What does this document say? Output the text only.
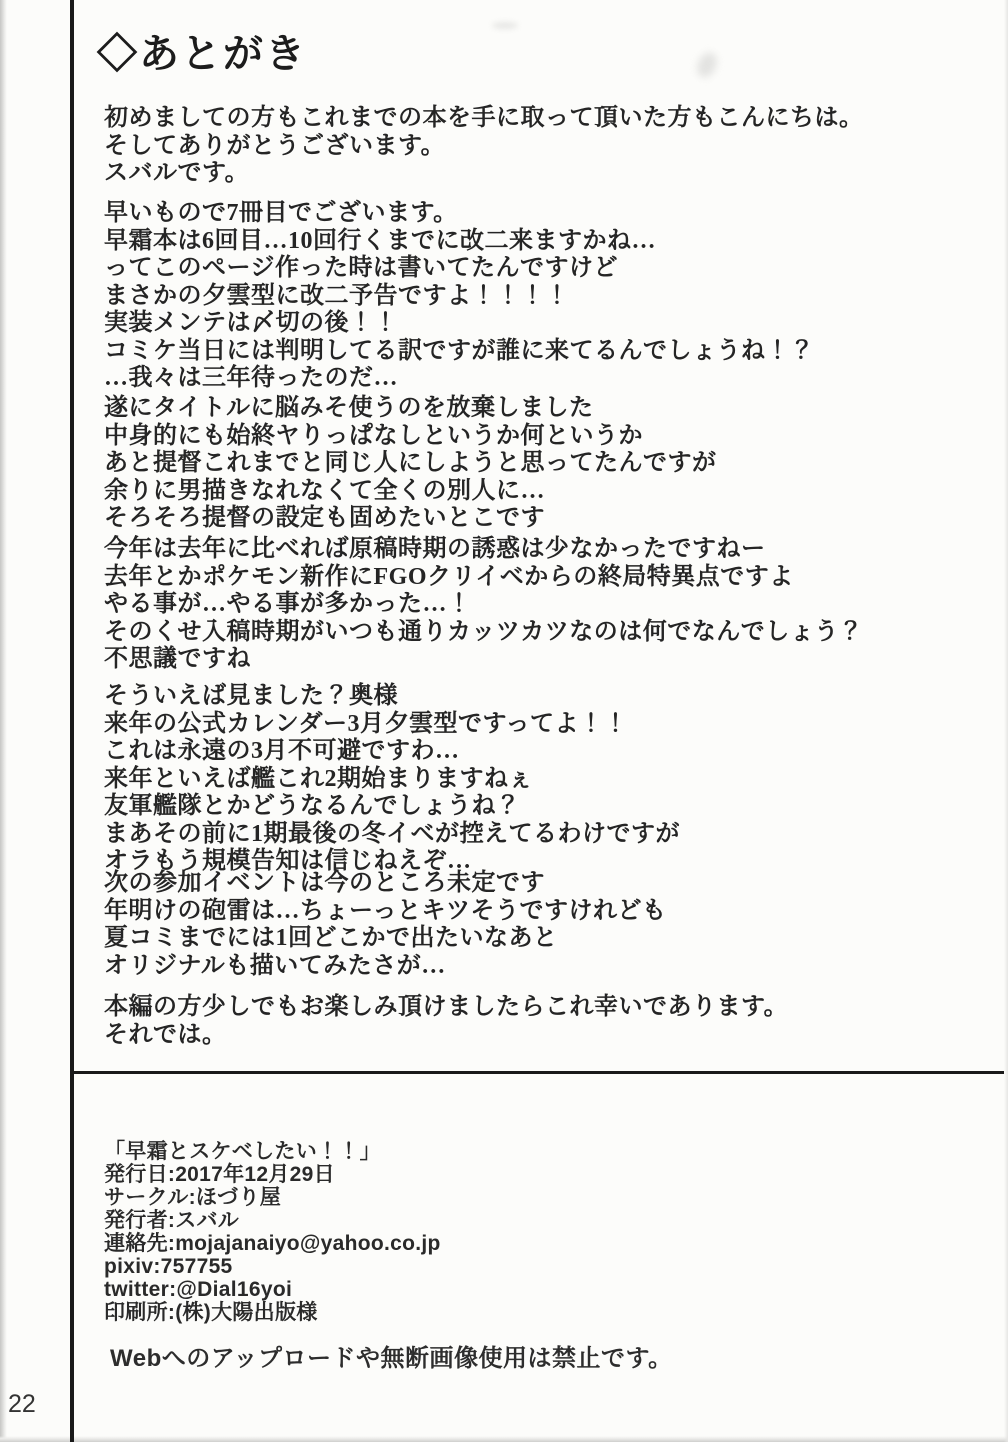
◇あとがき
初めましての方もこれまでの本を手に取って頂いた方もこんにちは。
そしてありがとうございます。
スバルです。
早いもので7冊目でございます。
早霜本は6回目…10回行くまでに改二来ますかね…
ってこのページ作った時は書いてたんですけど
まさかの夕雲型に改二予告ですよ！！！！
実装メンテは〆切の後！！
コミケ当日には判明してる訳ですが誰に来てるんでしょうね！？
…我々は三年待ったのだ…
遂にタイトルに脳みそ使うのを放棄しました
中身的にも始終ヤりっぱなしというか何というか
あと提督これまでと同じ人にしようと思ってたんですが
余りに男描きなれなくて全くの別人に…
そろそろ提督の設定も固めたいとこです
今年は去年に比べれば原稿時期の誘惑は少なかったですねー
去年とかポケモン新作にFGOクリイベからの終局特異点ですよ
やる事が…やる事が多かった…！
そのくせ入稿時期がいつも通りカッツカツなのは何でなんでしょう？
不思議ですね
そういえば見ました？奥様
来年の公式カレンダー3月夕雲型ですってよ！！
これは永遠の3月不可避ですわ…
来年といえば艦これ2期始まりますねぇ
友軍艦隊とかどうなるんでしょうね？
まあその前に1期最後の冬イベが控えてるわけですが
オラもう規模告知は信じねえぞ…
次の参加イベントは今のところ未定です
年明けの砲雷は…ちょーっとキツそうですけれども
夏コミまでには1回どこかで出たいなあと
オリジナルも描いてみたさが…
本編の方少しでもお楽しみ頂けましたらこれ幸いであります。
それでは。
「早霜とスケベしたい！！」
発行日:2017年12月29日
サークル:ほづり屋
発行者:スバル
連絡先:mojajanaiyo@yahoo.co.jp
pixiv:757755
twitter:@Dial16yoi
印刷所:(株)大陽出版様
Webへのアップロードや無断画像使用は禁止です。
22
